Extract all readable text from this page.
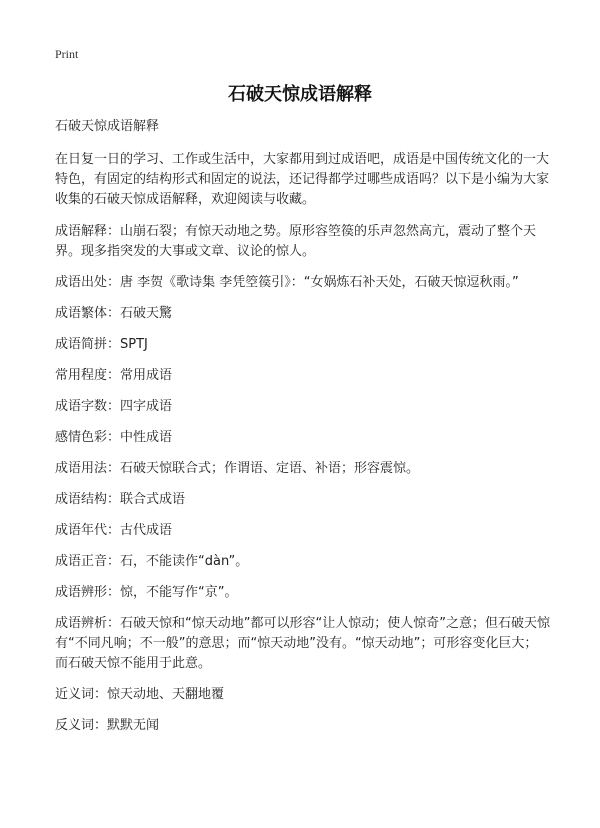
Print
石破天惊成语解释

石破天惊成语解释

在日复一日的学习、工作或生活中，大家都用到过成语吧，成语是中国传统文化的一大特色，有固定的结构形式和固定的说法，还记得都学过哪些成语吗？以下是小编为大家收集的石破天惊成语解释，欢迎阅读与收藏。

成语解释：山崩石裂；有惊天动地之势。原形容箜篌的乐声忽然高亢，震动了整个天界。现多指突发的大事或文章、议论的惊人。

成语出处：唐 李贺《歌诗集 李凭箜篌引》：“女娲炼石补天处，石破天惊逗秋雨。”

成语繁体：石破天驚

成语简拼：SPTJ

常用程度：常用成语

成语字数：四字成语

感情色彩：中性成语

成语用法：石破天惊联合式；作谓语、定语、补语；形容震惊。

成语结构：联合式成语

成语年代：古代成语

成语正音：石，不能读作“dàn”。

成语辨形：惊，不能写作“京”。

成语辨析：石破天惊和“惊天动地”都可以形容“让人惊动；使人惊奇”之意；但石破天惊有“不同凡响；不一般”的意思；而“惊天动地”没有。“惊天动地”；可形容变化巨大；而石破天惊不能用于此意。

近义词：惊天动地、天翻地覆

反义词：默默无闻
